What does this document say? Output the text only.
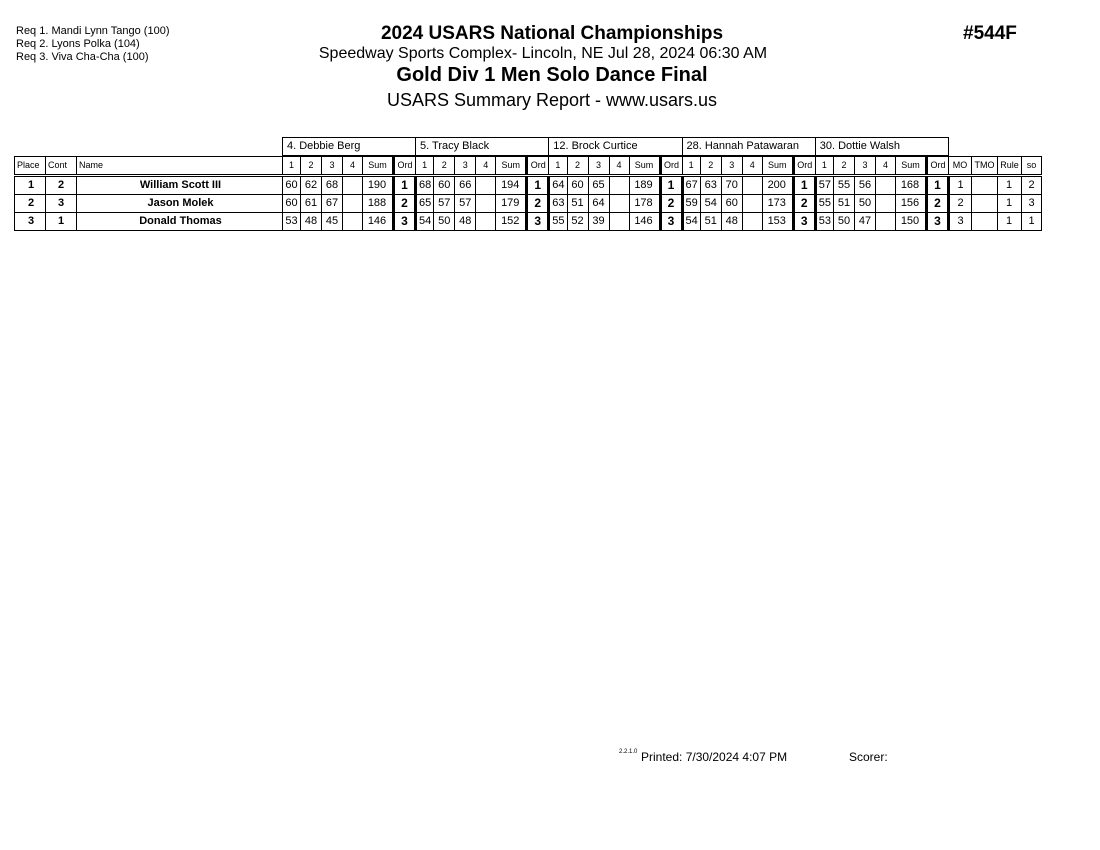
Req 1. Mandi Lynn Tango (100)
Req 2. Lyons Polka (104)
Req 3. Viva Cha-Cha (100)
2024 USARS National Championships
Speedway Sports Complex- Lincoln, NE Jul 28, 2024 06:30 AM
Gold Div 1 Men Solo Dance Final
USARS Summary Report - www.usars.us
#544F
			4. Debbie Berg						5. Tracy Black						12. Brock Curtice						28. Hannah Patawaran						30. Dottie Walsh									
Place	Cont	Name	1	2	3	4	Sum	Ord	1	2	3	4	Sum	Ord	1	2	3	4	Sum	Ord	1	2	3	4	Sum	Ord	1	2	3	4	Sum	Ord	MO	TMO	Rule	so
1	2	William Scott III	60	62	68		190	1	68	60	66		194	1	64	60	65		189	1	67	63	70		200	1	57	55	56		168	1	1		1	2
2	3	Jason Molek	60	61	67		188	2	65	57	57		179	2	63	51	64		178	2	59	54	60		173	2	55	51	50		156	2	2		1	3
3	1	Donald Thomas	53	48	45		146	3	54	50	48		152	3	55	52	39		146	3	54	51	48		153	3	53	50	47		150	3	3		1	1
2.2.1.0 Printed: 7/30/2024 4:07 PM	Scorer:
